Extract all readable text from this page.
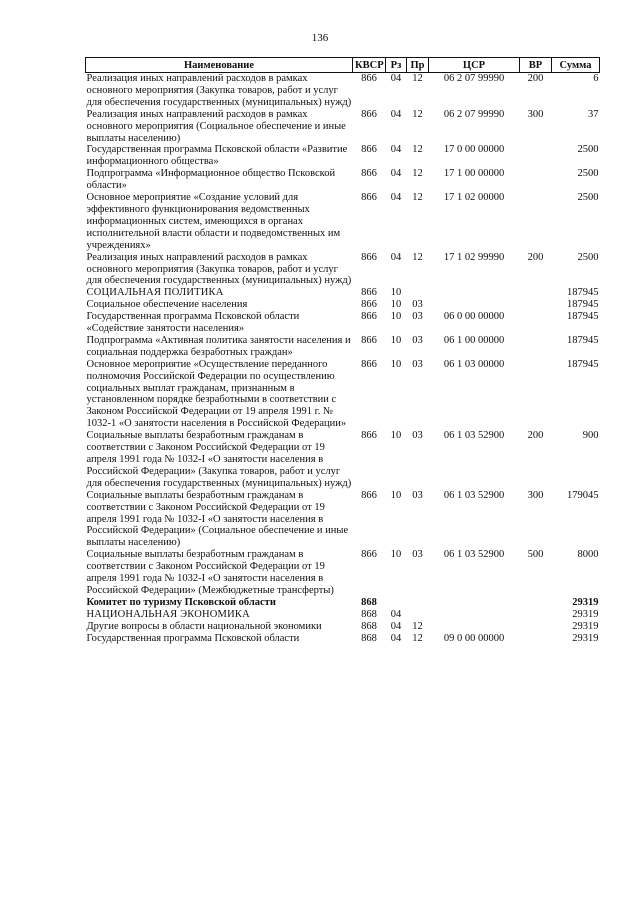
136
Наименование	КВСР	Рз	Пр	ЦСР	ВР	Сумма
Реализация иных направлений расходов в рамках основного мероприятия (Закупка товаров, работ и услуг для обеспечения государственных (муниципальных) нужд)	866	04	12	06 2 07 99990	200	6
Реализация иных направлений расходов в рамках основного мероприятия (Социальное обеспечение и иные выплаты населению)	866	04	12	06 2 07 99990	300	37
Государственная программа Псковской области «Развитие информационного общества»	866	04	12	17 0 00 00000		2500
Подпрограмма «Информационное общество Псковской области»	866	04	12	17 1 00 00000		2500
Основное мероприятие «Создание условий для эффективного функционирования ведомственных информационных систем, имеющихся в органах исполнительной власти области и подведомственных им учреждениях»	866	04	12	17 1 02 00000		2500
Реализация иных направлений расходов в рамках основного мероприятия (Закупка товаров, работ и услуг для обеспечения государственных (муниципальных) нужд)	866	04	12	17 1 02 99990	200	2500
СОЦИАЛЬНАЯ ПОЛИТИКА	866	10				187945
Социальное обеспечение населения	866	10	03			187945
Государственная программа Псковской области «Содействие занятости населения»	866	10	03	06 0 00 00000		187945
Подпрограмма «Активная политика занятости населения и социальная поддержка безработных граждан»	866	10	03	06 1 00 00000		187945
Основное мероприятие «Осуществление переданного полномочия Российской Федерации по осуществлению социальных выплат гражданам, признанным в установленном порядке безработными в соответствии с Законом Российской Федерации от 19 апреля 1991 г. № 1032-1 «О занятости населения в Российской Федерации»	866	10	03	06 1 03 00000		187945
Социальные выплаты безработным гражданам в соответствии с Законом Российской Федерации от 19 апреля 1991 года № 1032-I «О занятости населения в Российской Федерации» (Закупка товаров, работ и услуг для обеспечения государственных (муниципальных) нужд)	866	10	03	06 1 03 52900	200	900
Социальные выплаты безработным гражданам в соответствии с Законом Российской Федерации от 19 апреля 1991 года № 1032-I «О занятости населения в Российской Федерации» (Социальное обеспечение и иные выплаты населению)	866	10	03	06 1 03 52900	300	179045
Социальные выплаты безработным гражданам в соответствии с Законом Российской Федерации от 19 апреля 1991 года № 1032-I «О занятости населения в Российской Федерации» (Межбюджетные трансферты)	866	10	03	06 1 03 52900	500	8000
Комитет по туризму Псковской области	868					29319
НАЦИОНАЛЬНАЯ ЭКОНОМИКА	868	04				29319
Другие вопросы в области национальной экономики	868	04	12			29319
Государственная программа Псковской области	868	04	12	09 0 00 00000		29319
